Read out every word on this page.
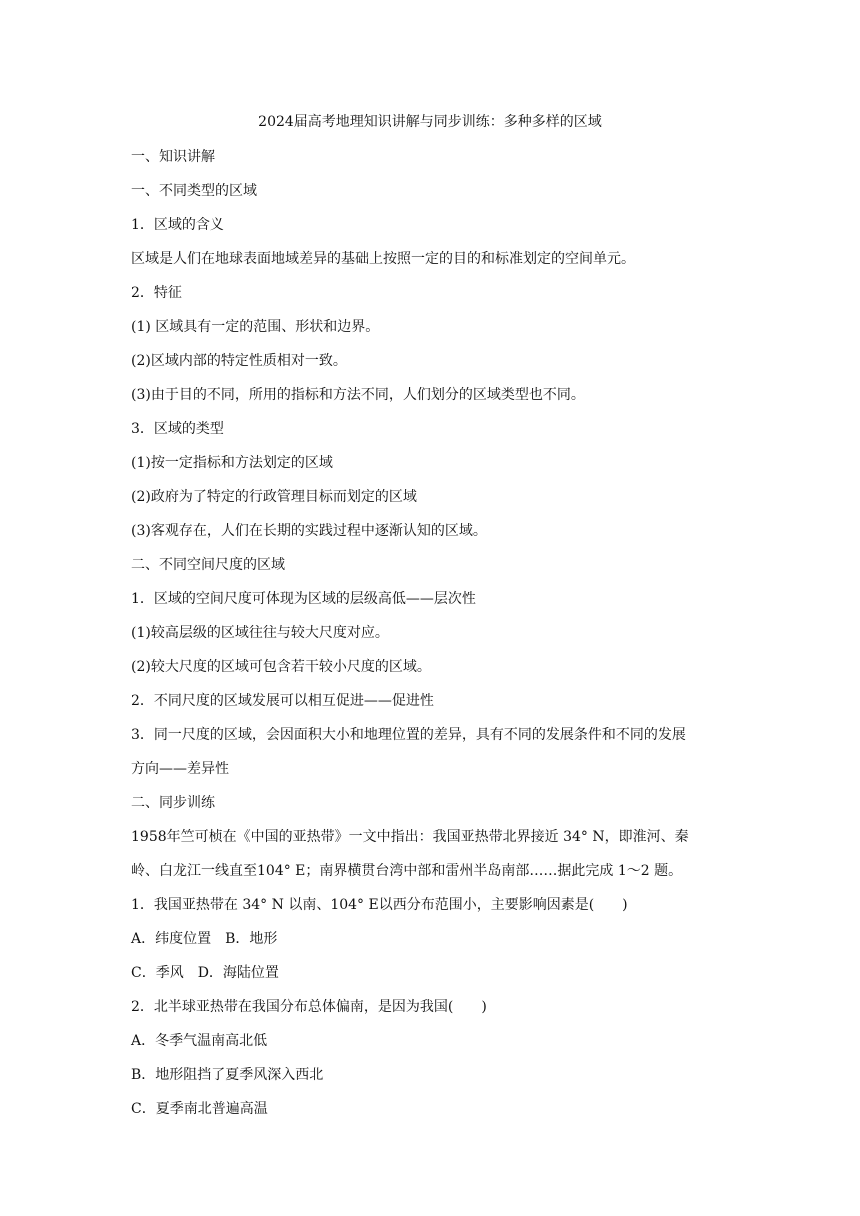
2024届高考地理知识讲解与同步训练：多种多样的区域
一、知识讲解
一、不同类型的区域
1．区域的含义
区域是人们在地球表面地域差异的基础上按照一定的目的和标准划定的空间单元。
2．特征
(1) 区域具有一定的范围、形状和边界。
(2)区域内部的特定性质相对一致。
(3)由于目的不同，所用的指标和方法不同，人们划分的区域类型也不同。
3．区域的类型
(1)按一定指标和方法划定的区域
(2)政府为了特定的行政管理目标而划定的区域
(3)客观存在，人们在长期的实践过程中逐渐认知的区域。
二、不同空间尺度的区域
1．区域的空间尺度可体现为区域的层级高低——层次性
(1)较高层级的区域往往与较大尺度对应。
(2)较大尺度的区域可包含若干较小尺度的区域。
2．不同尺度的区域发展可以相互促进——促进性
3．同一尺度的区域，会因面积大小和地理位置的差异，具有不同的发展条件和不同的发展
方向——差异性
二、同步训练
1958年竺可桢在《中国的亚热带》一文中指出：我国亚热带北界接近 34° N，即淮河、秦
岭、白龙江一线直至104° E；南界横贯台湾中部和雷州半岛南部……据此完成 1～2 题。
1．我国亚热带在 34° N 以南、104° E以西分布范围小，主要影响因素是(　　)
A．纬度位置　B．地形
C．季风　D．海陆位置
2．北半球亚热带在我国分布总体偏南，是因为我国(　　)
A．冬季气温南高北低
B．地形阻挡了夏季风深入西北
C．夏季南北普遍高温
